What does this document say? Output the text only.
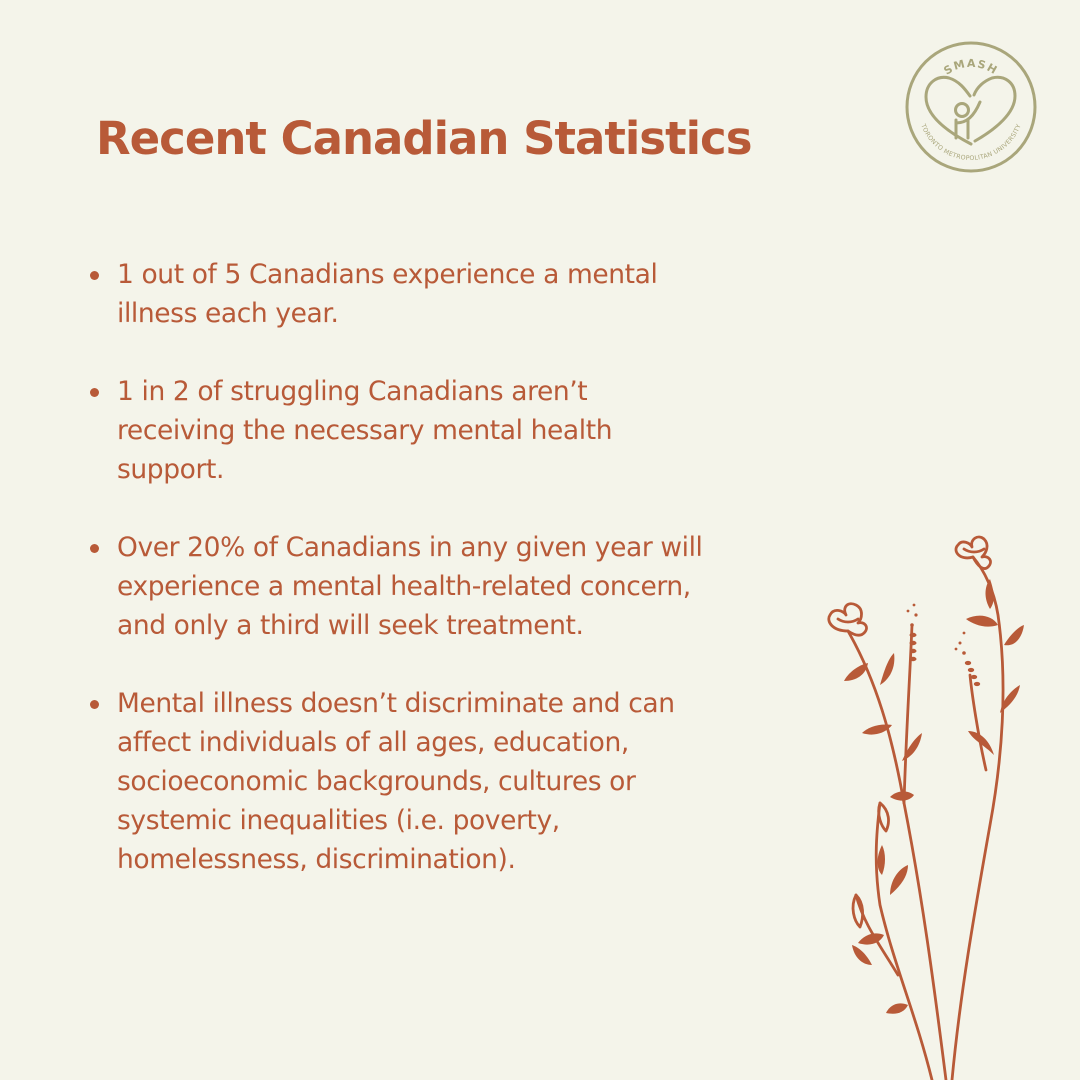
Recent Canadian Statistics
SMASH
TORONTO METROPOLITAN UNIVERSITY
1 out of 5 Canadians experience a mental illness each year.
1 in 2 of struggling Canadians aren’t receiving the necessary mental health support.
Over 20% of Canadians in any given year will experience a mental health-related concern, and only a third will seek treatment.
Mental illness doesn’t discriminate and can affect individuals of all ages, education, socioeconomic backgrounds, cultures or systemic inequalities (i.e. poverty, homelessness, discrimination).
